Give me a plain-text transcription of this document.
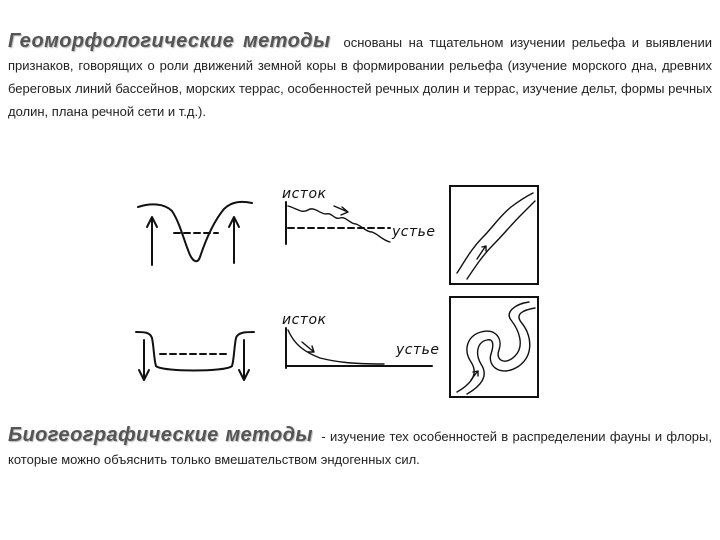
Геоморфологические методы основаны на тщательном изучении рельефа и выявлении признаков, говорящих о роли движений земной коры в формировании рельефа (изучение морского дна, древних береговых линий бассейнов, морских террас, особенностей речных долин и террас, изучение дельт, формы речных долин, плана речной сети и т.д.).
исток
устье
исток
устье
Биогеографические методы - изучение тех особенностей в распределении фауны и флоры, которые можно объяснить только вмешательством эндогенных сил.
